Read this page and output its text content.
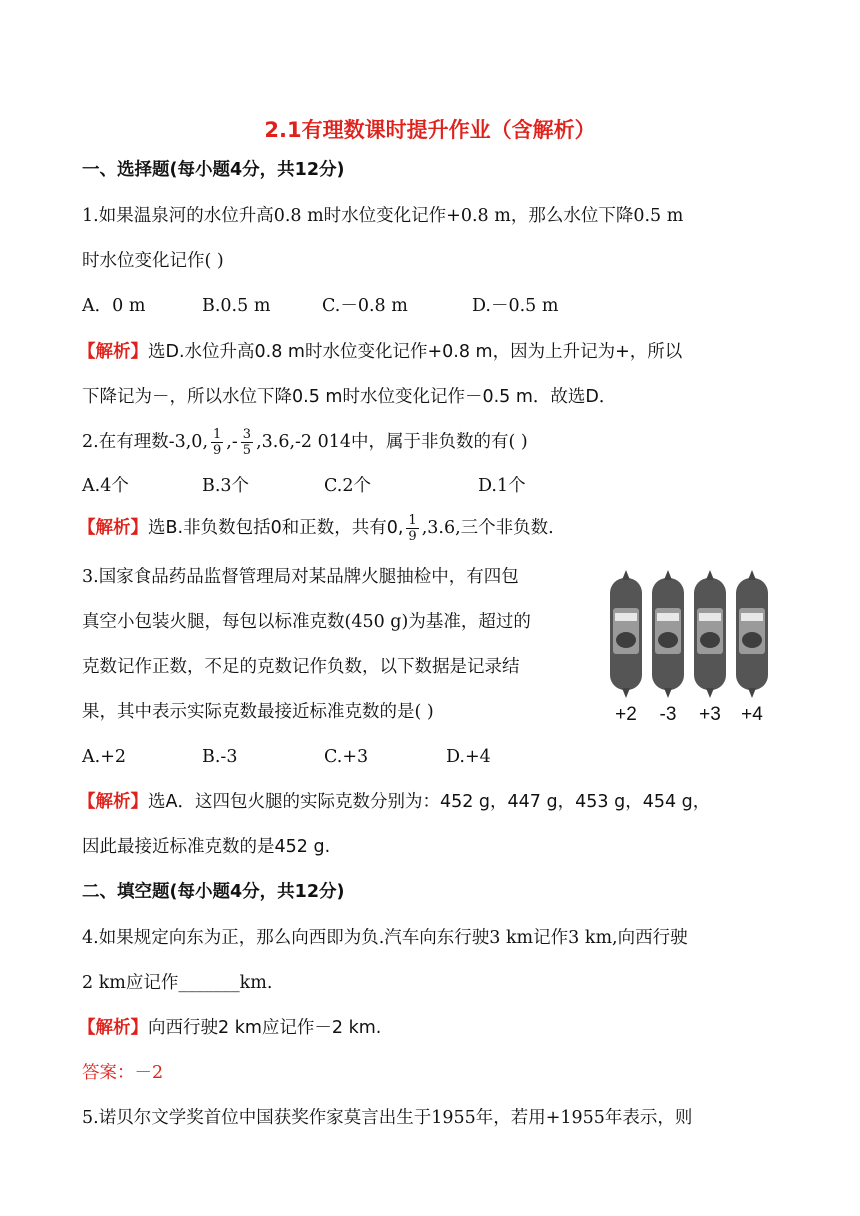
2.1有理数课时提升作业（含解析）
一、选择题(每小题4分，共12分)
1.如果温泉河的水位升高0.8 m时水位变化记作+0.8 m，那么水位下降0.5 m
时水位变化记作( )
A．0 m	B.0.5 m	C.－0.8 m	D.－0.5 m
【解析】选D.水位升高0.8 m时水位变化记作+0.8 m，因为上升记为+，所以
下降记为－，所以水位下降0.5 m时水位变化记作－0.5 m．故选D．
2.在有理数-3,0, $\frac{1}{9}$ ,- $\frac{3}{5} ,3.6,-2$ 014中，属于非负数的有( )
A.4个	B.3个	C.2个	D.1个
【解析】选B.非负数包括0和正数，共有0, $\frac{1}{9} ,3.6$,三个非负数.
3.国家食品药品监督管理局对某品牌火腿抽检中，有四包
真空小包装火腿，每包以标准克数(450 g)为基准，超过的
克数记作正数，不足的克数记作负数，以下数据是记录结
果，其中表示实际克数最接近标准克数的是( )	+2 -3 +3 +4
A.+2	B.-3	C.+3	D.+4
【解析】选A．这四包火腿的实际克数分别为：452 g，447 g，453 g，454 g，
因此最接近标准克数的是452 g.
二、填空题(每小题4分，共12分)
4.如果规定向东为正，那么向西即为负.汽车向东行驶3 km记作3 km,向西行驶
2 km应记作_______km.
【解析】向西行驶2 km应记作－2 km.
答案：－2
5.诺贝尔文学奖首位中国获奖作家莫言出生于1955年，若用+1955年表示，则
